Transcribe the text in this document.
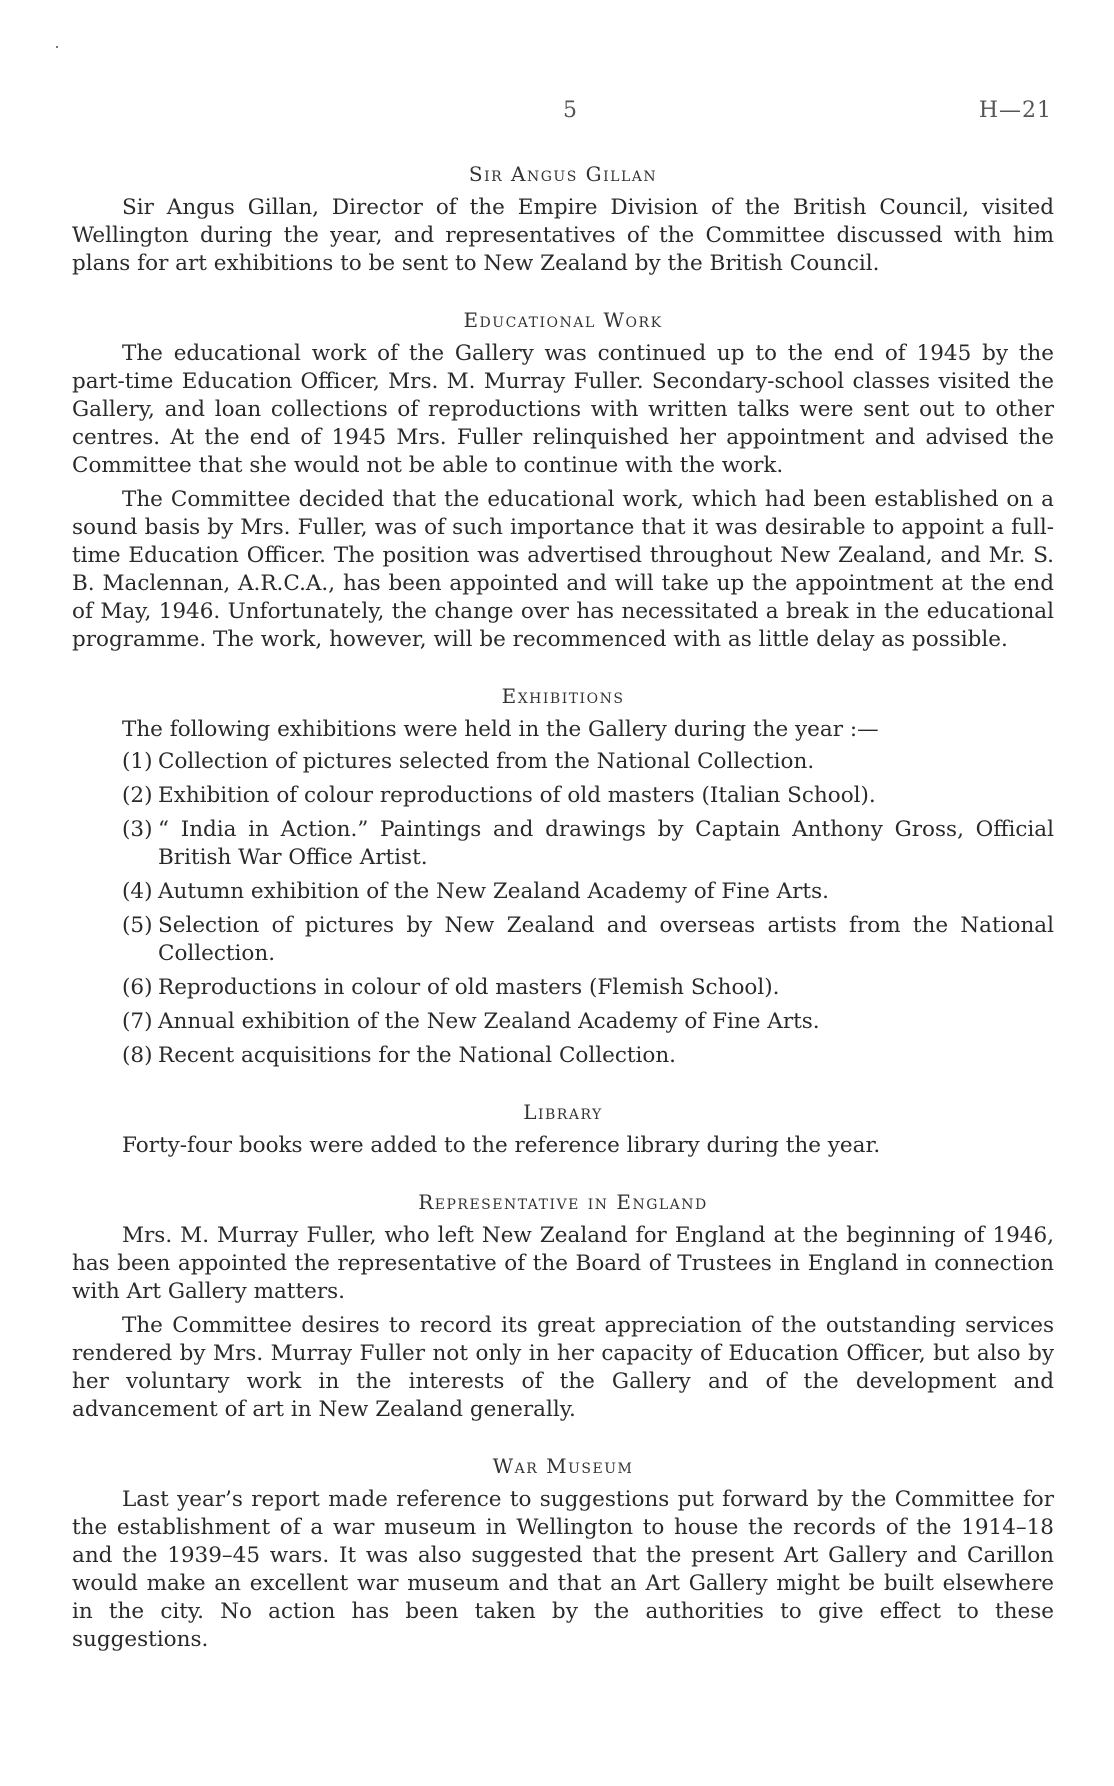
5	H—21
Sir Angus Gillan

Sir Angus Gillan, Director of the Empire Division of the British Council, visited Wellington during the year, and representatives of the Committee discussed with him plans for art exhibitions to be sent to New Zealand by the British Council.

Educational Work

The educational work of the Gallery was continued up to the end of 1945 by the part-time Education Officer, Mrs. M. Murray Fuller. Secondary-school classes visited the Gallery, and loan collections of reproductions with written talks were sent out to other centres. At the end of 1945 Mrs. Fuller relinquished her appointment and advised the Committee that she would not be able to continue with the work.

The Committee decided that the educational work, which had been established on a sound basis by Mrs. Fuller, was of such importance that it was desirable to appoint a full-time Education Officer. The position was advertised throughout New Zealand, and Mr. S. B. Maclennan, A.R.C.A., has been appointed and will take up the appointment at the end of May, 1946. Unfortunately, the change over has necessitated a break in the educational programme. The work, however, will be recommenced with as little delay as possible.

Exhibitions

The following exhibitions were held in the Gallery during the year :—

(1) Collection of pictures selected from the National Collection.
(2) Exhibition of colour reproductions of old masters (Italian School).
(3) “ India in Action.” Paintings and drawings by Captain Anthony Gross, Official British War Office Artist.
(4) Autumn exhibition of the New Zealand Academy of Fine Arts.
(5) Selection of pictures by New Zealand and overseas artists from the National Collection.
(6) Reproductions in colour of old masters (Flemish School).
(7) Annual exhibition of the New Zealand Academy of Fine Arts.
(8) Recent acquisitions for the National Collection.
Library

Forty-four books were added to the reference library during the year.

Representative in England

Mrs. M. Murray Fuller, who left New Zealand for England at the beginning of 1946, has been appointed the representative of the Board of Trustees in England in connection with Art Gallery matters.

The Committee desires to record its great appreciation of the outstanding services rendered by Mrs. Murray Fuller not only in her capacity of Education Officer, but also by her voluntary work in the interests of the Gallery and of the development and advancement of art in New Zealand generally.

War Museum

Last year’s report made reference to suggestions put forward by the Committee for the establishment of a war museum in Wellington to house the records of the 1914–18 and the 1939–45 wars. It was also suggested that the present Art Gallery and Carillon would make an excellent war museum and that an Art Gallery might be built elsewhere in the city. No action has been taken by the authorities to give effect to these suggestions.
